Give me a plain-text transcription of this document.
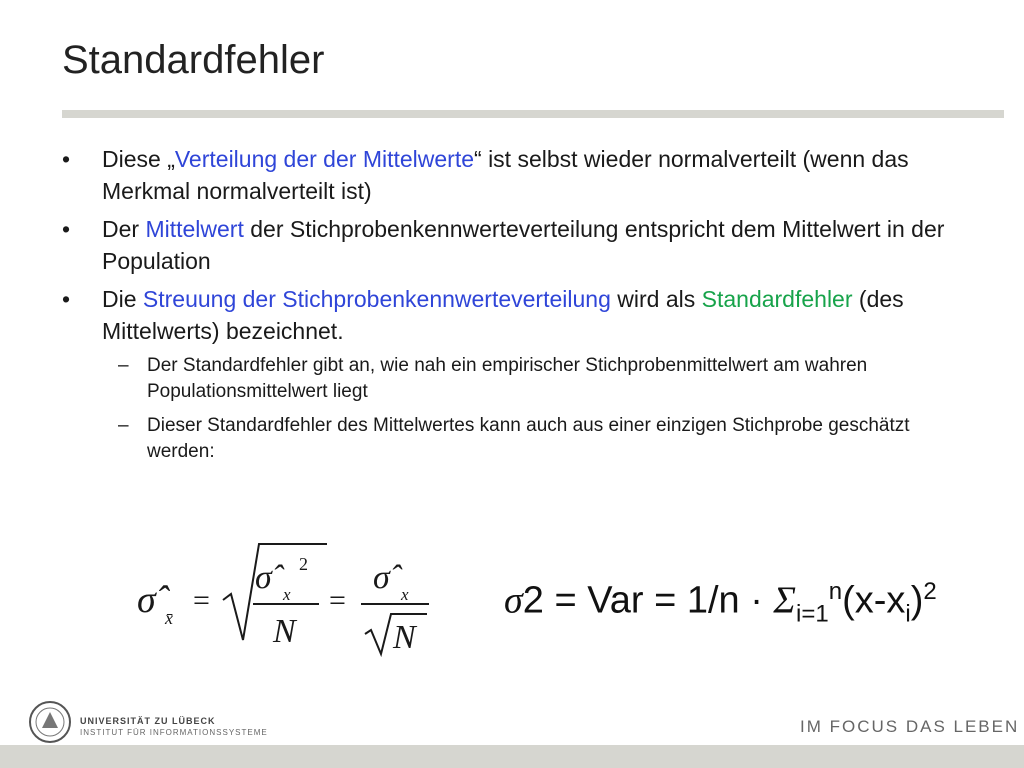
Standardfehler
• Diese „Verteilung der der Mittelwerte“ ist selbst wieder normalverteilt (wenn das Merkmal normalverteilt ist)
• Der Mittelwert der Stichprobenkennwerteverteilung entspricht dem Mittelwert in der Population
• Die Streuung der Stichprobenkennwerteverteilung wird als Standardfehler (des Mittelwerts) bezeichnet.
– Der Standardfehler gibt an, wie nah ein empirischer Stichprobenmittelwert am wahren Populationsmittelwert liegt
– Dieser Standardfehler des Mittelwertes kann auch aus einer einzigen Stichprobe geschätzt werden:
σ̂ x̄
=
σ̂ x
2
N
=
σ̂ x
N
σ2 = Var = $1/n \cdot \Sigma_{i=1}^n(x-x_i)^2$
UNIVERSITÄT ZU LÜBECK
INSTITUT FÜR INFORMATIONSSYSTEME	IM FOCUS DAS LEBEN
